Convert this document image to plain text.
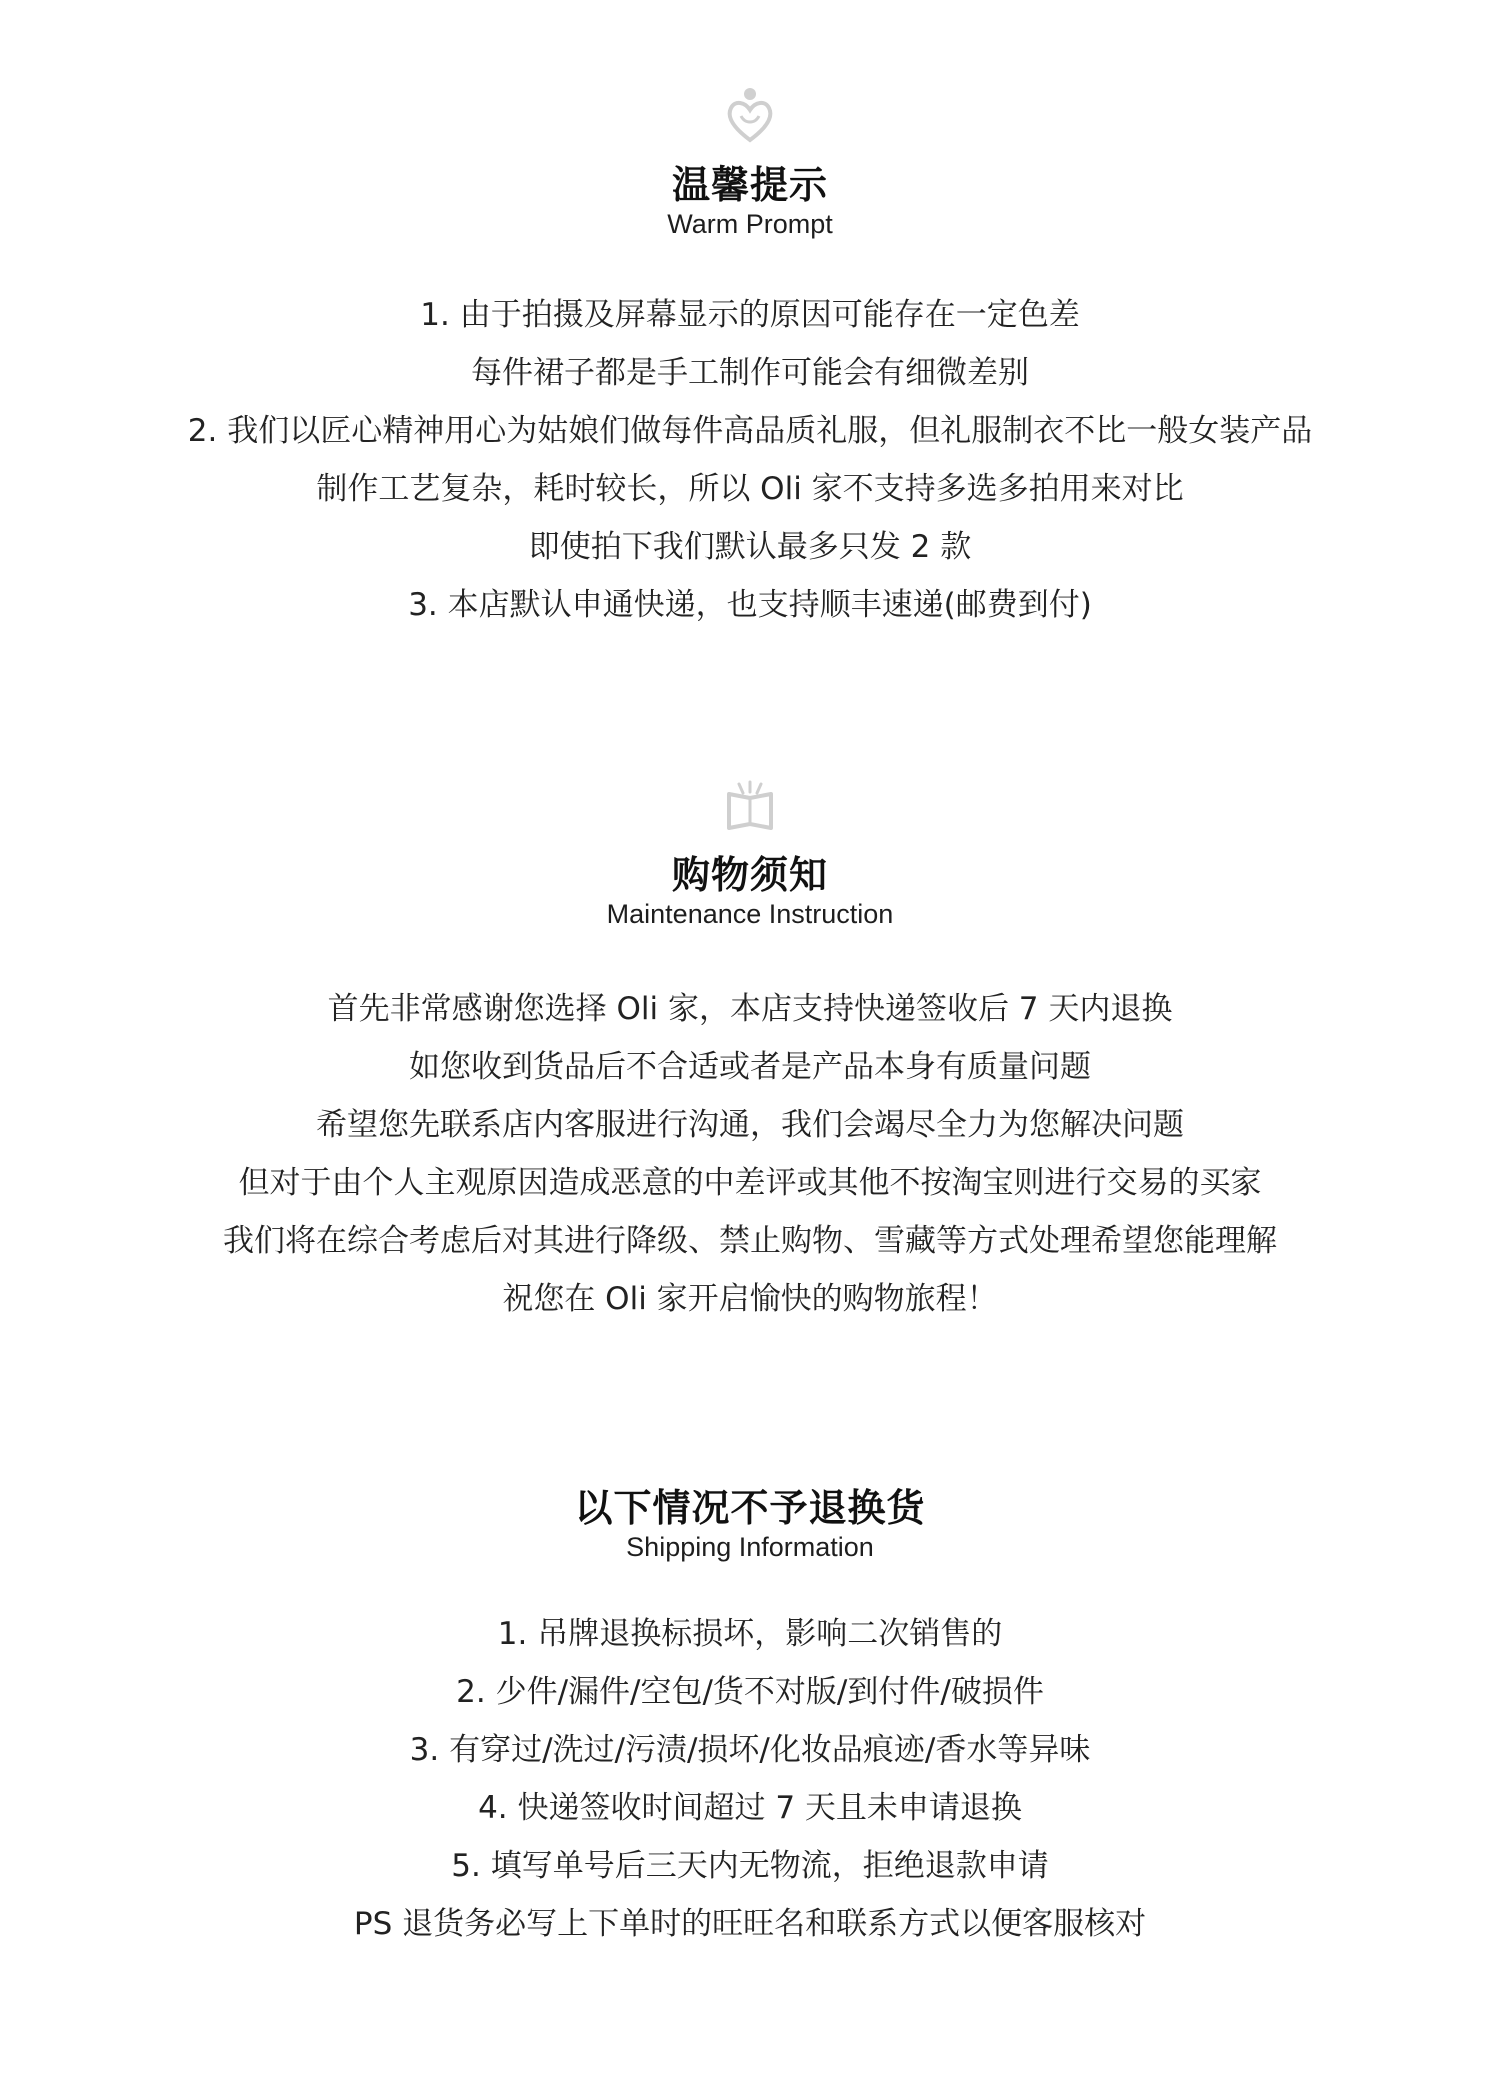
温馨提示

Warm Prompt

1. 由于拍摄及屏幕显示的原因可能存在一定色差
每件裙子都是手工制作可能会有细微差别
2. 我们以匠心精神用心为姑娘们做每件高品质礼服，但礼服制衣不比一般女装产品
制作工艺复杂，耗时较长，所以 Oli 家不支持多选多拍用来对比
即使拍下我们默认最多只发 2 款
3. 本店默认申通快递，也支持顺丰速递(邮费到付)
购物须知

Maintenance Instruction

首先非常感谢您选择 Oli 家，本店支持快递签收后 7 天内退换
如您收到货品后不合适或者是产品本身有质量问题
希望您先联系店内客服进行沟通，我们会竭尽全力为您解决问题
但对于由个人主观原因造成恶意的中差评或其他不按淘宝则进行交易的买家
我们将在综合考虑后对其进行降级、禁止购物、雪藏等方式处理希望您能理解
祝您在 Oli 家开启愉快的购物旅程！
以下情况不予退换货

Shipping Information

1. 吊牌退换标损坏，影响二次销售的
2. 少件/漏件/空包/货不对版/到付件/破损件
3. 有穿过/洗过/污渍/损坏/化妆品痕迹/香水等异味
4. 快递签收时间超过 7 天且未申请退换
5. 填写单号后三天内无物流，拒绝退款申请
PS 退货务必写上下单时的旺旺名和联系方式以便客服核对
